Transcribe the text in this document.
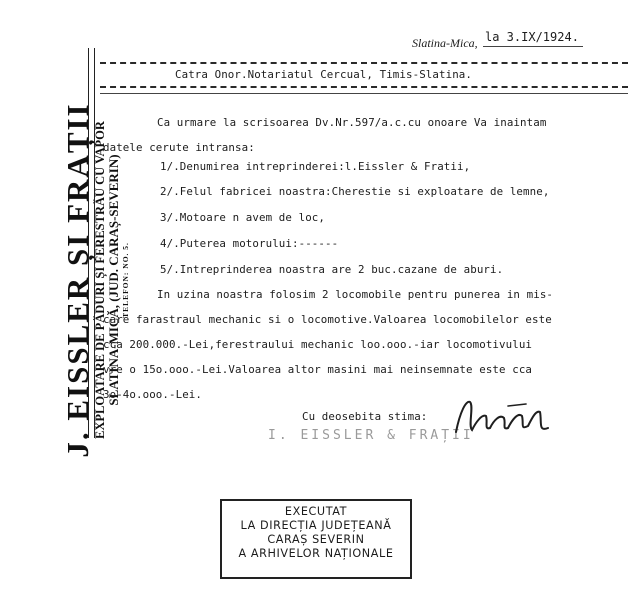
J. EISSLER ȘI FRAȚII
EXPLOATARE DE PĂDURI ȘI FERESTRĂU CU VAPOR SLATINA-MICĂ, (JUD. CARAȘ-SEVERIN) TELEFON: NO. 5.
Slatina-Mica, la 3.IX/1924.
Catra Onor.Notariatul Cercual, Timis-Slatina.
Ca urmare la scrisoarea Dv.Nr.597/a.c.cu onoare Va inaintam
datele cerute intransa:
1/.Denumirea intreprinderei:l.Eissler & Fratii,
2/.Felul fabricei noastra:Cherestie si exploatare de lemne,
3/.Motoare n avem de loc,
4/.Puterea motorului:------
5/.Intreprinderea noastra are 2 buc.cazane de aburi.
In uzina noastra folosim 2 locomobile pentru punerea in mis-
care farastraul mechanic si o locomotive.Valoarea locomobilelor este
cca 200.000.-Lei,ferestraului mechanic loo.ooo.-iar locomotivului
vre o 15o.ooo.-Lei.Valoarea altor masini mai neinsemnate este cca
3o-4o.ooo.-Lei.
Cu deosebita stima:
I. EISSLER & FRAȚII
EXECUTAT
LA DIRECȚIA JUDEȚEANĂ
CARAȘ SEVERIN
A ARHIVELOR NAȚIONALE
